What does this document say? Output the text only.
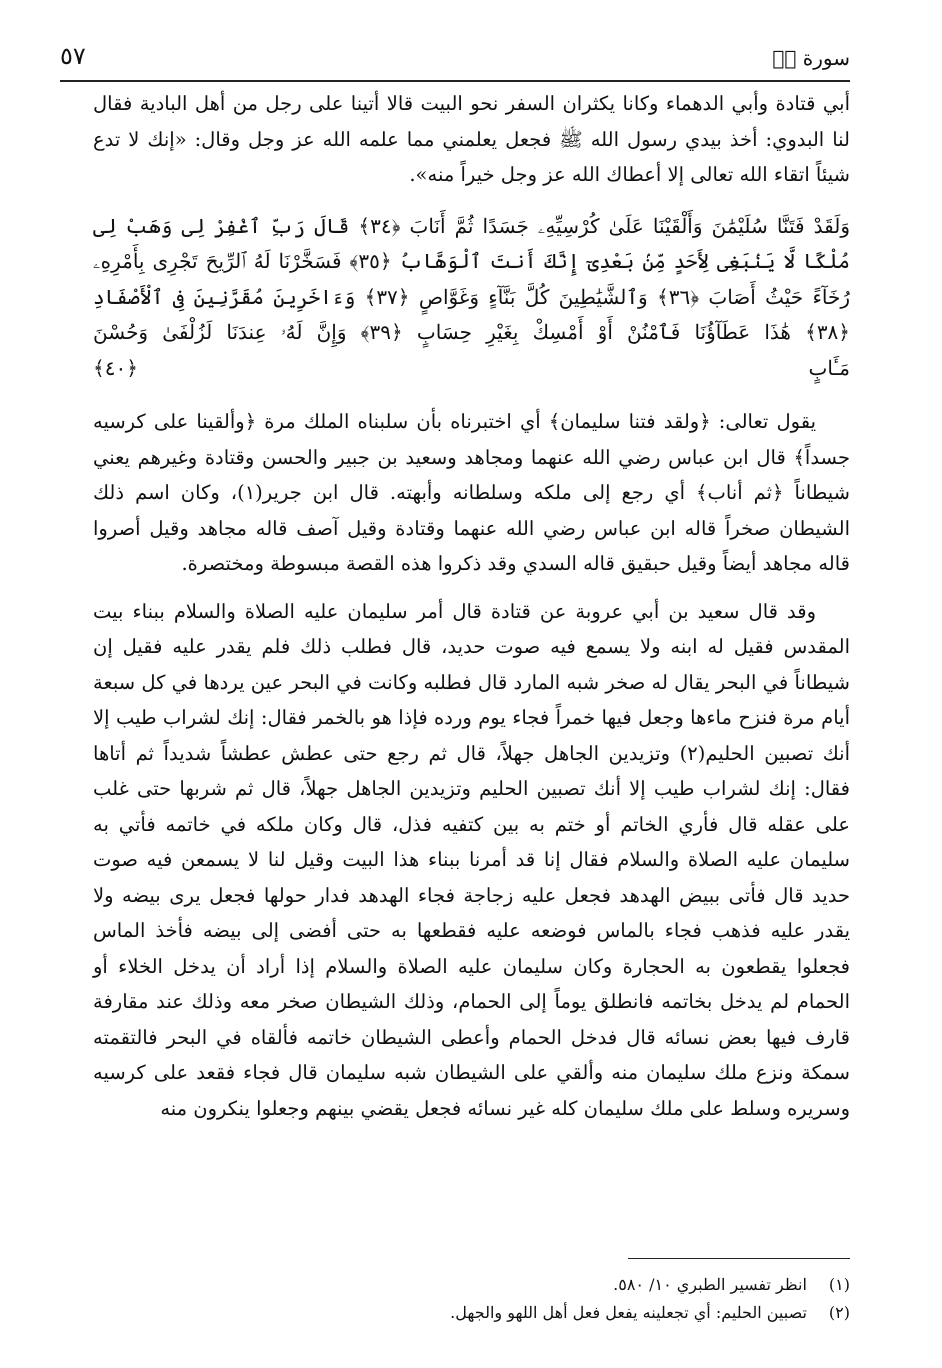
٥٧	سورة صۤ

أبي قتادة وأبي الدهماء وكانا يكثران السفر نحو البيت قالا أتينا على رجل من أهل البادية فقال لنا البدوي: أخذ بيدي رسول الله ﷺ فجعل يعلمني مما علمه الله عز وجل وقال: «إنك لا تدع شيئاً اتقاء الله تعالى إلا أعطاك الله عز وجل خيراً منه».

وَلَقَدْ فَتَنَّا سُلَيْمَٰنَ وَأَلْقَيْنَا عَلَىٰ كُرْسِيِّهِۦ جَسَدًا ثُمَّ أَنَابَ ﴿٣٤﴾ قَالَ رَبِّ ٱغْفِرْ لِى وَهَبْ لِى مُلْكًا لَّا يَنۢبَغِى لِأَحَدٍ مِّنۢ بَعْدِىٓ إِنَّكَ أَنتَ ٱلْوَهَّابُ ﴿٣٥﴾ فَسَخَّرْنَا لَهُ ٱلرِّيحَ تَجْرِى بِأَمْرِهِۦ رُخَآءً حَيْثُ أَصَابَ ﴿٣٦﴾ وَٱلشَّيَٰطِينَ كُلَّ بَنَّآءٍ وَغَوَّاصٍ ﴿٣٧﴾ وَءَاخَرِينَ مُقَرَّنِينَ فِى ٱلْأَصْفَادِ ﴿٣٨﴾ هَٰذَا عَطَآؤُنَا فَٱمْنُنْ أَوْ أَمْسِكْ بِغَيْرِ حِسَابٍ ﴿٣٩﴾ وَإِنَّ لَهُۥ عِندَنَا لَزُلْفَىٰ وَحُسْنَ

مَـَٔابٍ ﴿٤٠﴾

يقول تعالى: ﴿ولقد فتنا سليمان﴾ أي اختبرناه بأن سلبناه الملك مرة ﴿وألقينا على كرسيه جسداً﴾ قال ابن عباس رضي الله عنهما ومجاهد وسعيد بن جبير والحسن وقتادة وغيرهم يعني شيطاناً ﴿ثم أناب﴾ أي رجع إلى ملكه وسلطانه وأبهته. قال ابن جرير(١)، وكان اسم ذلك الشيطان صخراً قاله ابن عباس رضي الله عنهما وقتادة وقيل آصف قاله مجاهد وقيل أصروا قاله مجاهد أيضاً وقيل حبقيق قاله السدي وقد ذكروا هذه القصة مبسوطة ومختصرة.

وقد قال سعيد بن أبي عروبة عن قتادة قال أمر سليمان عليه الصلاة والسلام ببناء بيت المقدس فقيل له ابنه ولا يسمع فيه صوت حديد، قال فطلب ذلك فلم يقدر عليه فقيل إن شيطاناً في البحر يقال له صخر شبه المارد قال فطلبه وكانت في البحر عين يردها في كل سبعة أيام مرة فنزح ماءها وجعل فيها خمراً فجاء يوم ورده فإذا هو بالخمر فقال: إنك لشراب طيب إلا أنك تصبين الحليم(٢) وتزيدين الجاهل جهلاً، قال ثم رجع حتى عطش عطشاً شديداً ثم أتاها فقال: إنك لشراب طيب إلا أنك تصبين الحليم وتزيدين الجاهل جهلاً، قال ثم شربها حتى غلب على عقله قال فأري الخاتم أو ختم به بين كتفيه فذل، قال وكان ملكه في خاتمه فأتي به سليمان عليه الصلاة والسلام فقال إنا قد أمرنا ببناء هذا البيت وقيل لنا لا يسمعن فيه صوت حديد قال فأتى ببيض الهدهد فجعل عليه زجاجة فجاء الهدهد فدار حولها فجعل يرى بيضه ولا يقدر عليه فذهب فجاء بالماس فوضعه عليه فقطعها به حتى أفضى إلى بيضه فأخذ الماس فجعلوا يقطعون به الحجارة وكان سليمان عليه الصلاة والسلام إذا أراد أن يدخل الخلاء أو الحمام لم يدخل بخاتمه فانطلق يوماً إلى الحمام، وذلك الشيطان صخر معه وذلك عند مقارفة قارف فيها بعض نسائه قال فدخل الحمام وأعطى الشيطان خاتمه فألقاه في البحر فالتقمته سمكة ونزع ملك سليمان منه وألقي على الشيطان شبه سليمان قال فجاء فقعد على كرسيه وسريره وسلط على ملك سليمان كله غير نسائه فجعل يقضي بينهم وجعلوا ينكرون منه

(١) انظر تفسير الطبري ١٠/ ٥٨٠.
(٢) تصبين الحليم: أي تجعلينه يفعل فعل أهل اللهو والجهل.
